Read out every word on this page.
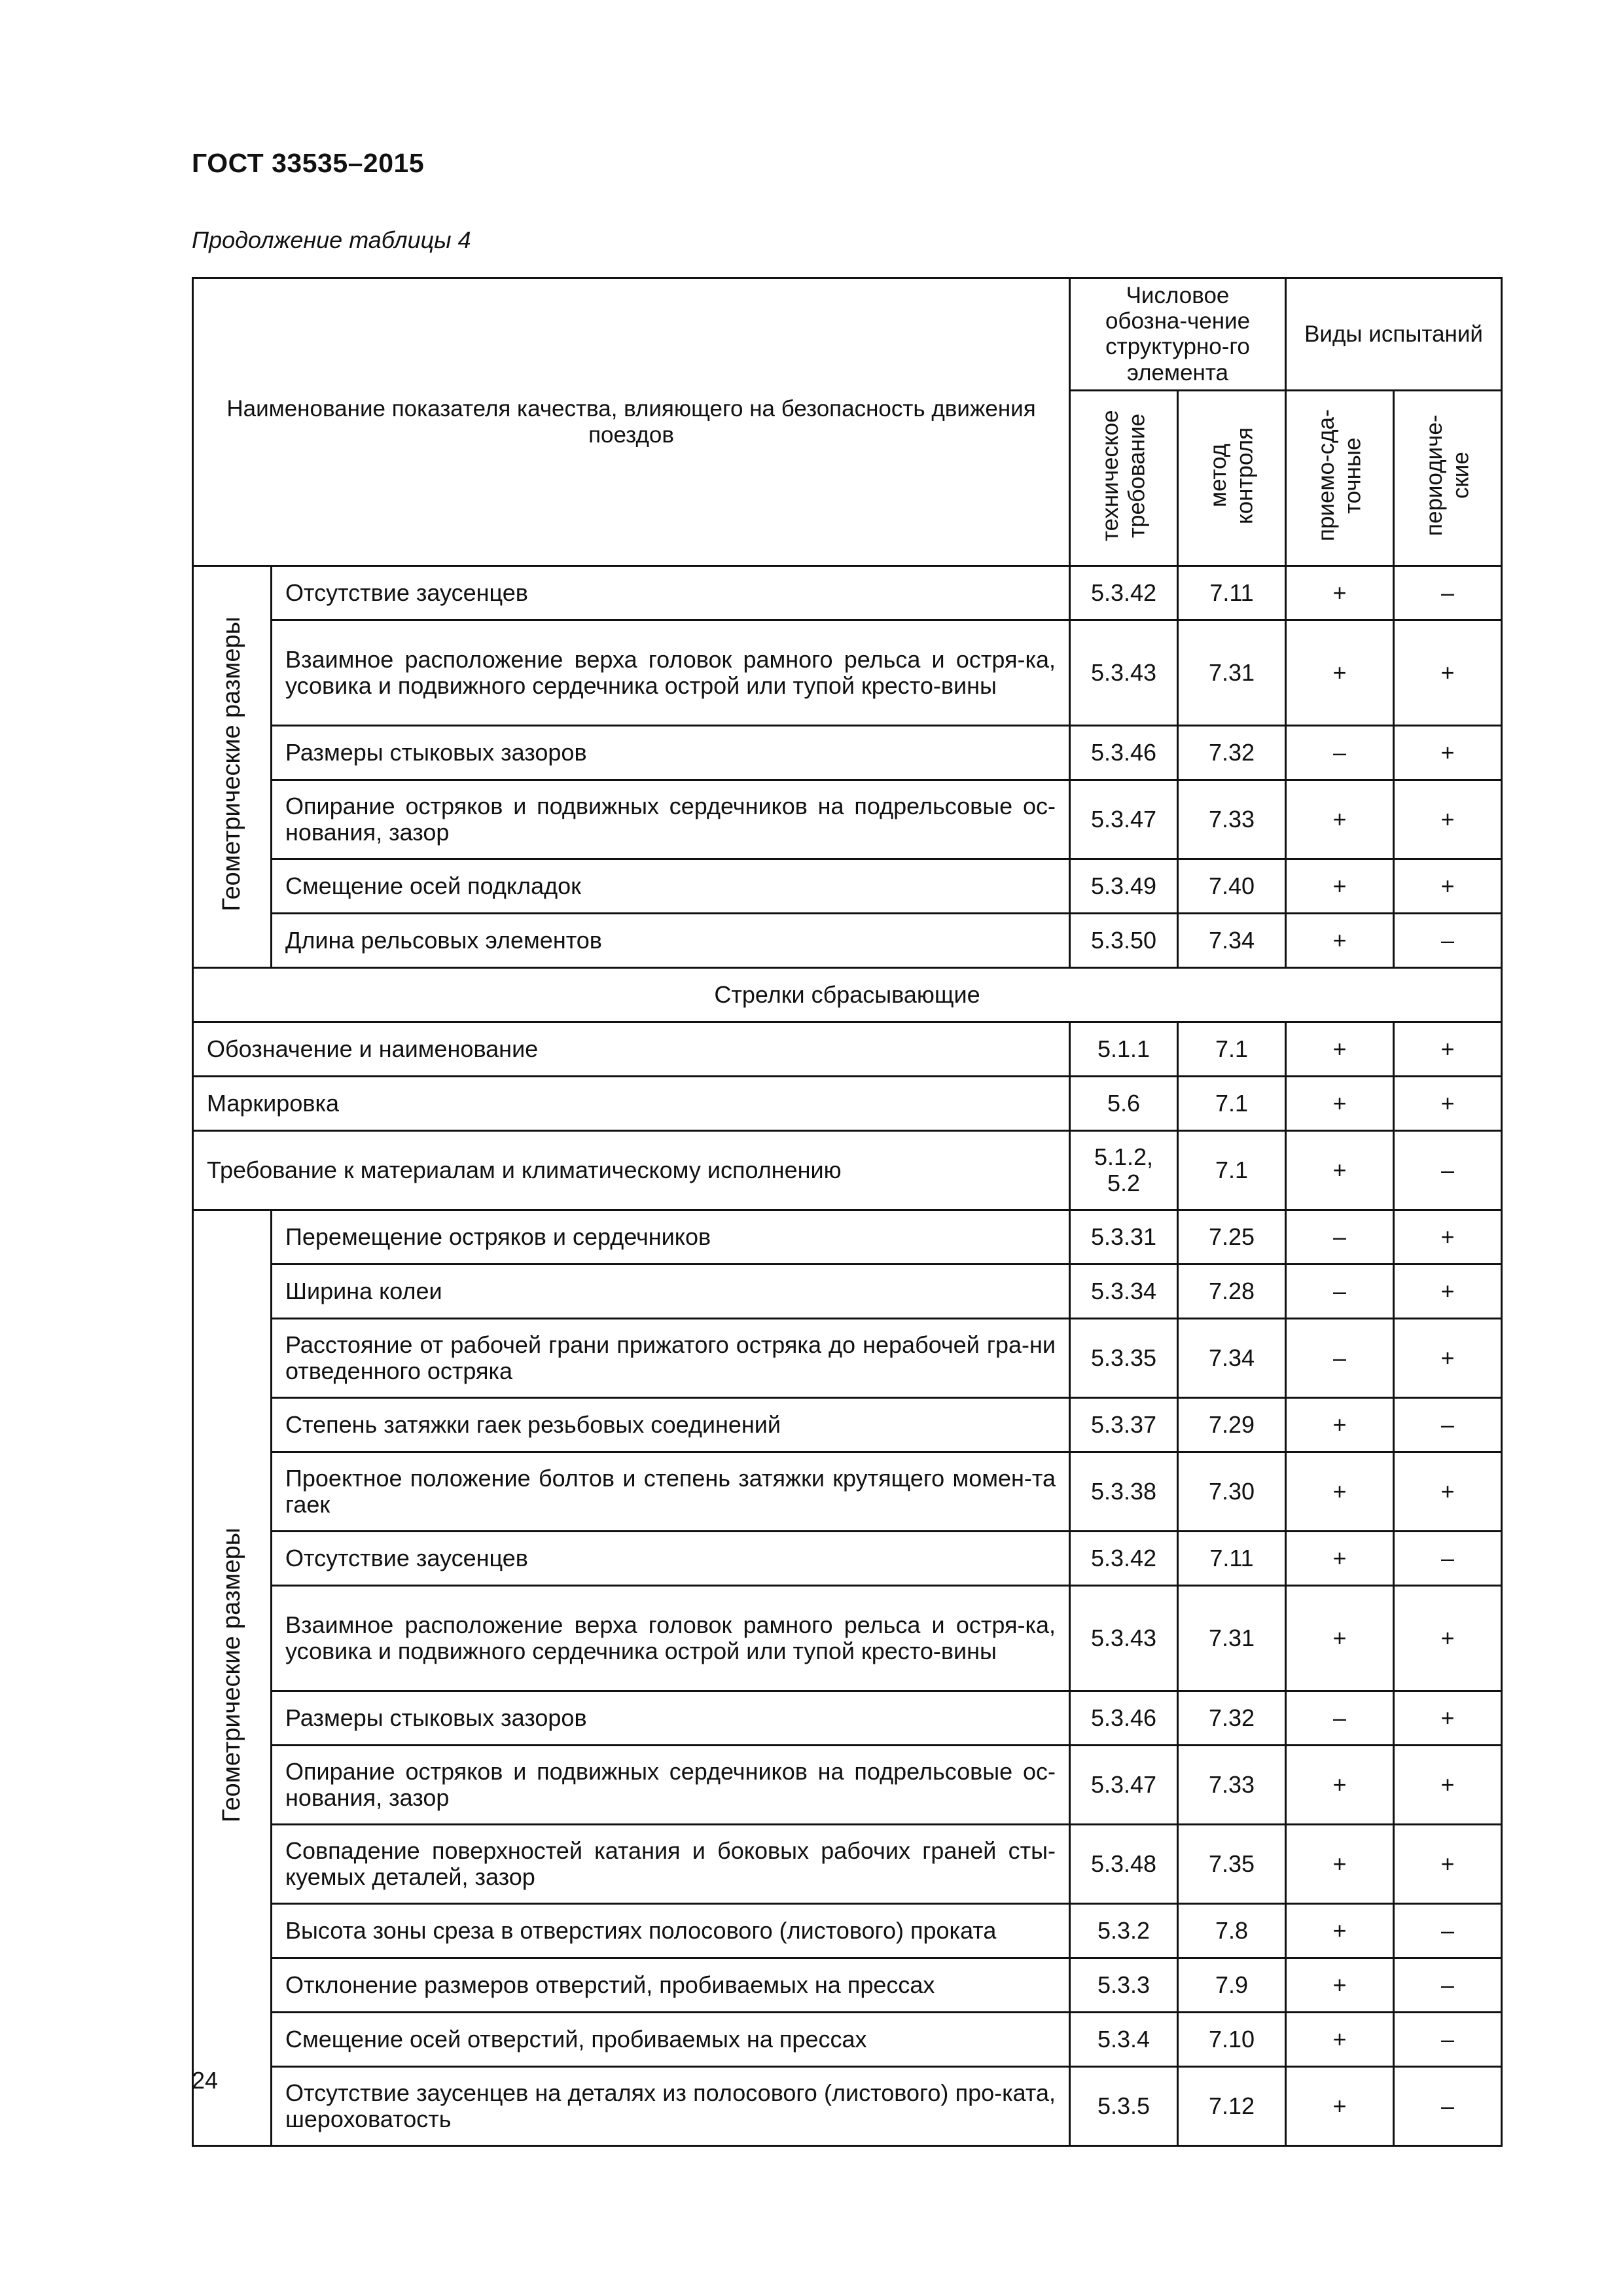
ГОСТ 33535–2015
Продолжение таблицы 4
Наименование показателя качества, влияющего на безопасность движения поездов		Числовое обозна-чение структурно-го элемента		Виды испытаний	
		техническое требование	метод контроля	приемо-сда-точные	периодиче-ские
Геометрические размеры	Отсутствие заусенцев	5.3.42	7.11	+	–
	Взаимное расположение верха головок рамного рельса и остря-ка, усовика и подвижного сердечника острой или тупой кресто-вины	5.3.43	7.31	+	+
	Размеры стыковых зазоров	5.3.46	7.32	–	+
	Опирание остряков и подвижных сердечников на подрельсовые ос-нования, зазор	5.3.47	7.33	+	+
	Смещение осей подкладок	5.3.49	7.40	+	+
	Длина рельсовых элементов	5.3.50	7.34	+	–
Стрелки сбрасывающие					
Обозначение и наименование		5.1.1	7.1	+	+
Маркировка		5.6	7.1	+	+
Требование к материалам и климатическому исполнению		5.1.2, 5.2	7.1	+	–
Геометрические размеры	Перемещение остряков и сердечников	5.3.31	7.25	–	+
	Ширина колеи	5.3.34	7.28	–	+
	Расстояние от рабочей грани прижатого остряка до нерабочей гра-ни отведенного остряка	5.3.35	7.34	–	+
	Степень затяжки гаек резьбовых соединений	5.3.37	7.29	+	–
	Проектное положение болтов и степень затяжки крутящего момен-та гаек	5.3.38	7.30	+	+
	Отсутствие заусенцев	5.3.42	7.11	+	–
	Взаимное расположение верха головок рамного рельса и остря-ка, усовика и подвижного сердечника острой или тупой кресто-вины	5.3.43	7.31	+	+
	Размеры стыковых зазоров	5.3.46	7.32	–	+
	Опирание остряков и подвижных сердечников на подрельсовые ос-нования, зазор	5.3.47	7.33	+	+
	Совпадение поверхностей катания и боковых рабочих граней сты-куемых деталей, зазор	5.3.48	7.35	+	+
	Высота зоны среза в отверстиях полосового (листового) проката	5.3.2	7.8	+	–
	Отклонение размеров отверстий, пробиваемых на прессах	5.3.3	7.9	+	–
	Смещение осей отверстий, пробиваемых на прессах	5.3.4	7.10	+	–
	Отсутствие заусенцев на деталях из полосового (листового) про-ката, шероховатость	5.3.5	7.12	+	–
24
